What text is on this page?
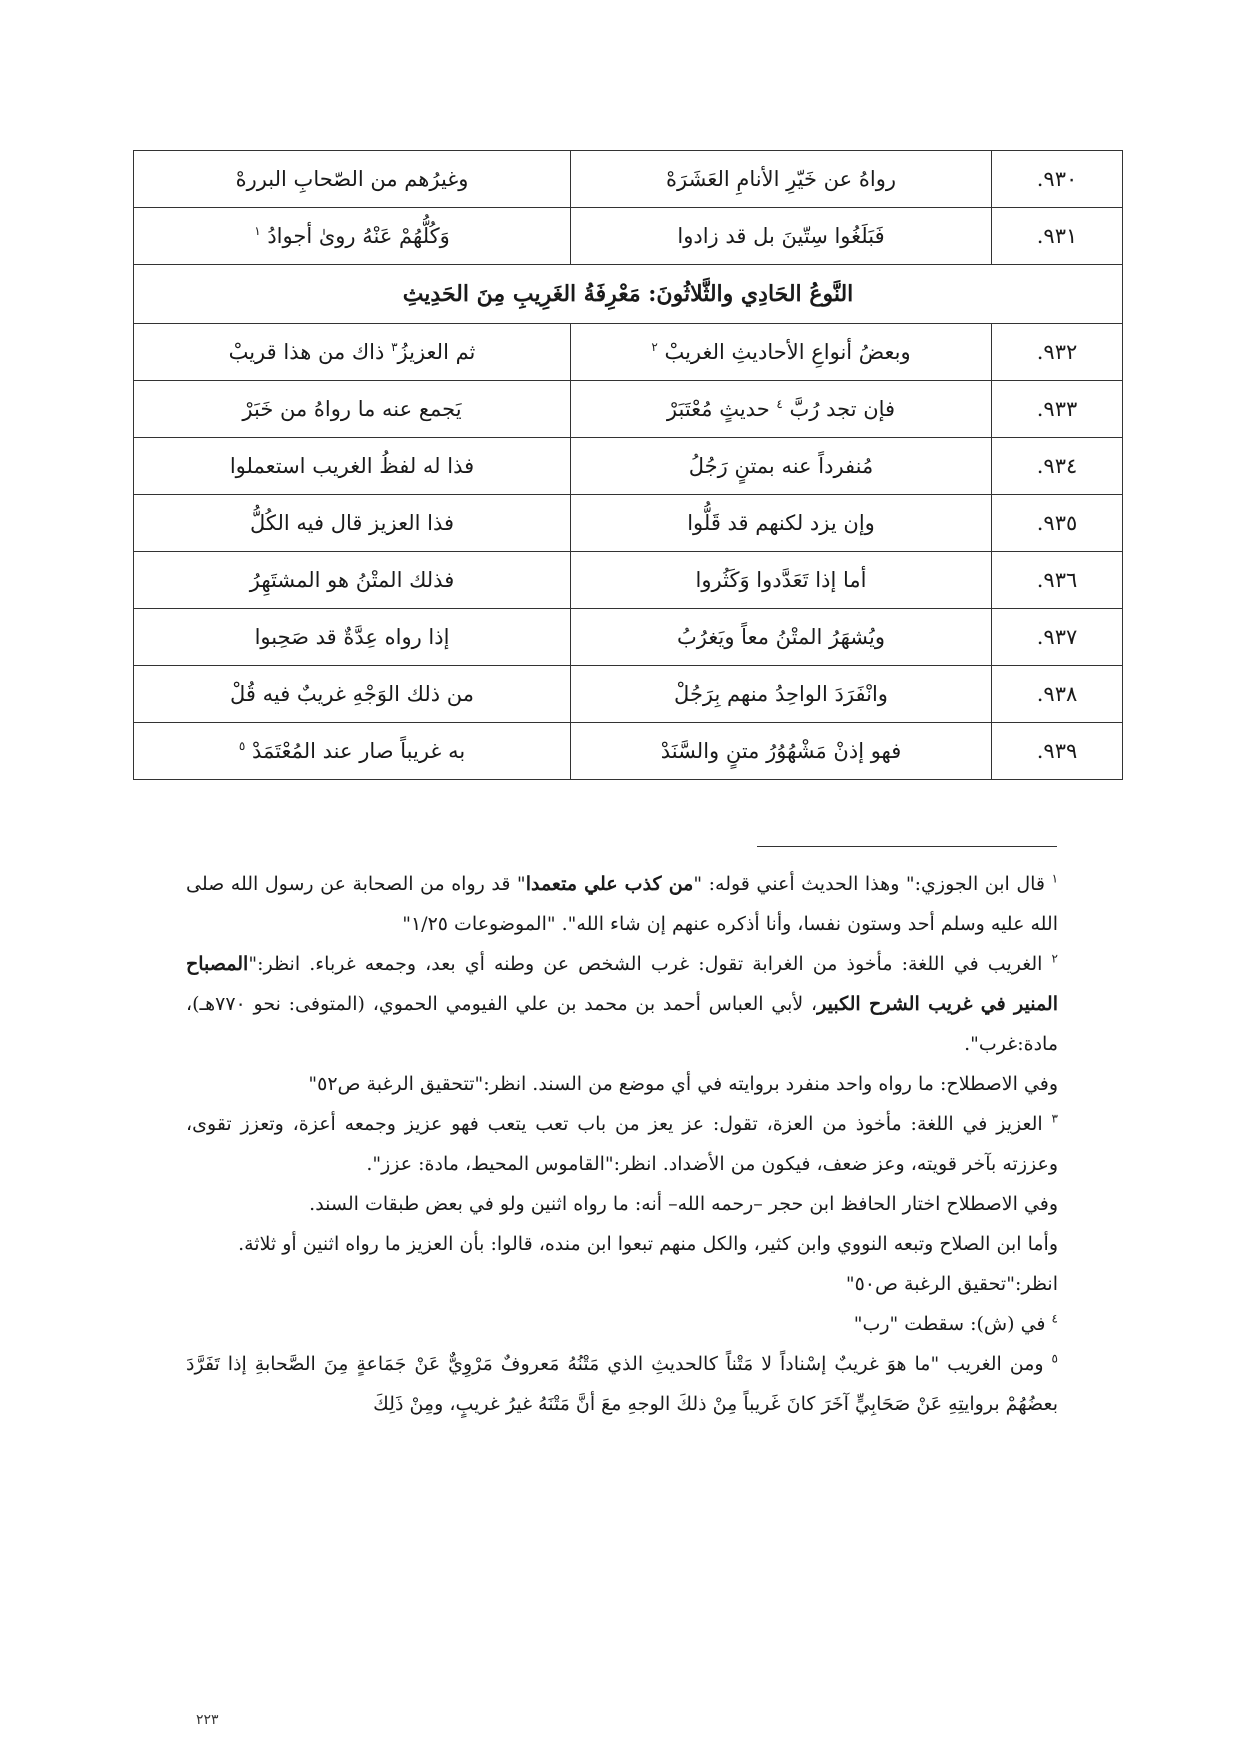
٩٣٠.	رواهُ عن خَيّرِ الأنامِ العَشَرَهْ	وغيرُهم من الصّحابِ البررهْ
٩٣١.	فَبَلَغُوا سِتّينَ بل قد زادوا	وَكُلُّهُمْ عَنْهُ روىٰ أجوادُ $^١$
النَّوعُ الحَادِي والثَّلاثُونَ: مَعْرِفَةُ الغَرِيبِ مِنَ الحَدِيثِ		
٩٣٢.	وبعضُ أنواعِ الأحاديثِ الغريبْ $^٢$	ثم العزيزُ$^٣$ ذاك من هذا قريبْ
٩٣٣.	فإن تجد رُبَّ $^٤$ حديثٍ مُعْتَبَرْ	يَجمع عنه ما رواهُ من خَبَرْ
٩٣٤.	مُنفرداً عنه بمتنٍ رَجُلُ	فذا له لفظُ الغريب استعملوا
٩٣٥.	وإن يزد لكنهم قد قَلُّوا	فذا العزيز قال فيه الكُلُّ
٩٣٦.	أما إذا تَعَدَّدوا وَكَثُروا	فذلك المتْنُ هو المشتَهِرُ
٩٣٧.	ويُشهَرُ المتْنُ معاً ويَغرُبُ	إذا رواه عِدَّةٌ قد صَحِبوا
٩٣٨.	وانْفَرَدَ الواحِدُ منهم بِرَجُلْ	من ذلك الوَجْهِ غريبٌ فيه قُلْ
٩٣٩.	فهو إذنْ مَشْهُوُرُ متنٍ والسَّنَدْ	به غريباً صار عند المُعْتَمَدْ $^٥$

$^١$ قال ابن الجوزي:" وهذا الحديث أعني قوله: "من كذب علي متعمدا" قد رواه من الصحابة عن رسول الله صلى الله عليه وسلم أحد وستون نفسا، وأنا أذكره عنهم إن شاء الله". "الموضوعات ١/٢٥"

$^٢$ الغريب في اللغة: مأخوذ من الغرابة تقول: غرب الشخص عن وطنه أي بعد، وجمعه غرباء. انظر:"المصباح المنير في غريب الشرح الكبير، لأبي العباس أحمد بن محمد بن علي الفيومي الحموي، (المتوفى: نحو ٧٧٠هـ)، مادة:غرب".

وفي الاصطلاح: ما رواه واحد منفرد بروايته في أي موضع من السند. انظر:"تتحقيق الرغبة ص٥٢"

$^٣$ العزيز في اللغة: مأخوذ من العزة، تقول: عز يعز من باب تعب يتعب فهو عزيز وجمعه أعزة، وتعزز تقوى، وعززته بآخر قويته، وعز ضعف، فيكون من الأضداد. انظر:"القاموس المحيط، مادة: عزز".

وفي الاصطلاح اختار الحافظ ابن حجر –رحمه الله– أنه: ما رواه اثنين ولو في بعض طبقات السند.

وأما ابن الصلاح وتبعه النووي وابن كثير، والكل منهم تبعوا ابن منده، قالوا: بأن العزيز ما رواه اثنين أو ثلاثة.

انظر:"تحقيق الرغبة ص٥٠"

$^٤$ في (ش): سقطت "رب"

$^٥$ ومن الغريب "ما هوَ غريبٌ إسْناداً لا مَتْناً كالحديثِ الذي مَتْنُهُ مَعروفٌ مَرْوِيٌّ عَنْ جَمَاعةٍ مِنَ الصَّحابةِ إذا تَفَرَّدَ بعضُهُمْ بروايتِهِ عَنْ صَحَابِيٍّ آخَرَ كانَ غَريباً مِنْ ذلكَ الوجهِ معَ أنَّ مَتْنَهُ غيرُ غريبٍ، ومِنْ ذَلِكَ

٢٢٣
